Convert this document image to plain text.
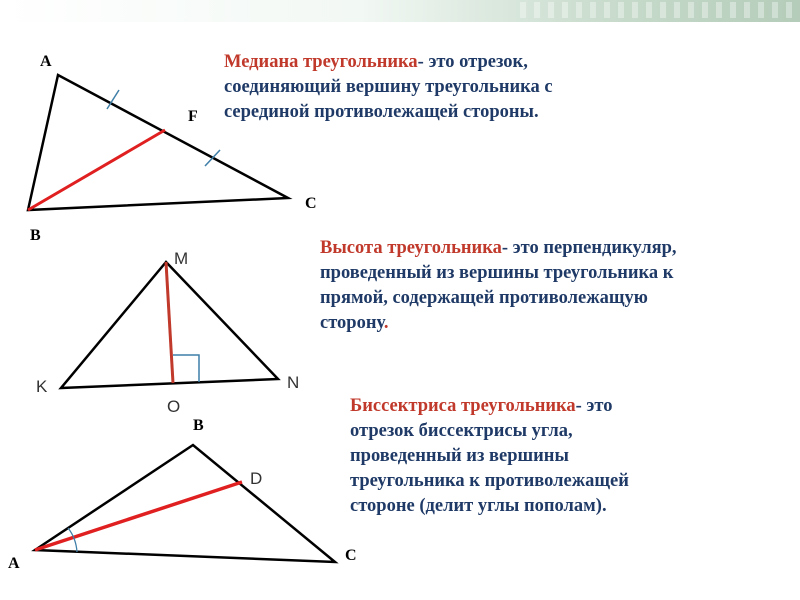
A
B
C
F
M
K	N
O
B
D
A	C

Медиана треугольника- это отрезок,
соединяющий вершину треугольника с
серединой противолежащей стороны.

Высота треугольника- это перпендикуляр,
проведенный из вершины треугольника к
прямой, содержащей противолежащую
сторону.

Биссектриса треугольника- это
отрезок биссектрисы угла,
проведенный из вершины
треугольника к противолежащей
стороне (делит углы пополам).
